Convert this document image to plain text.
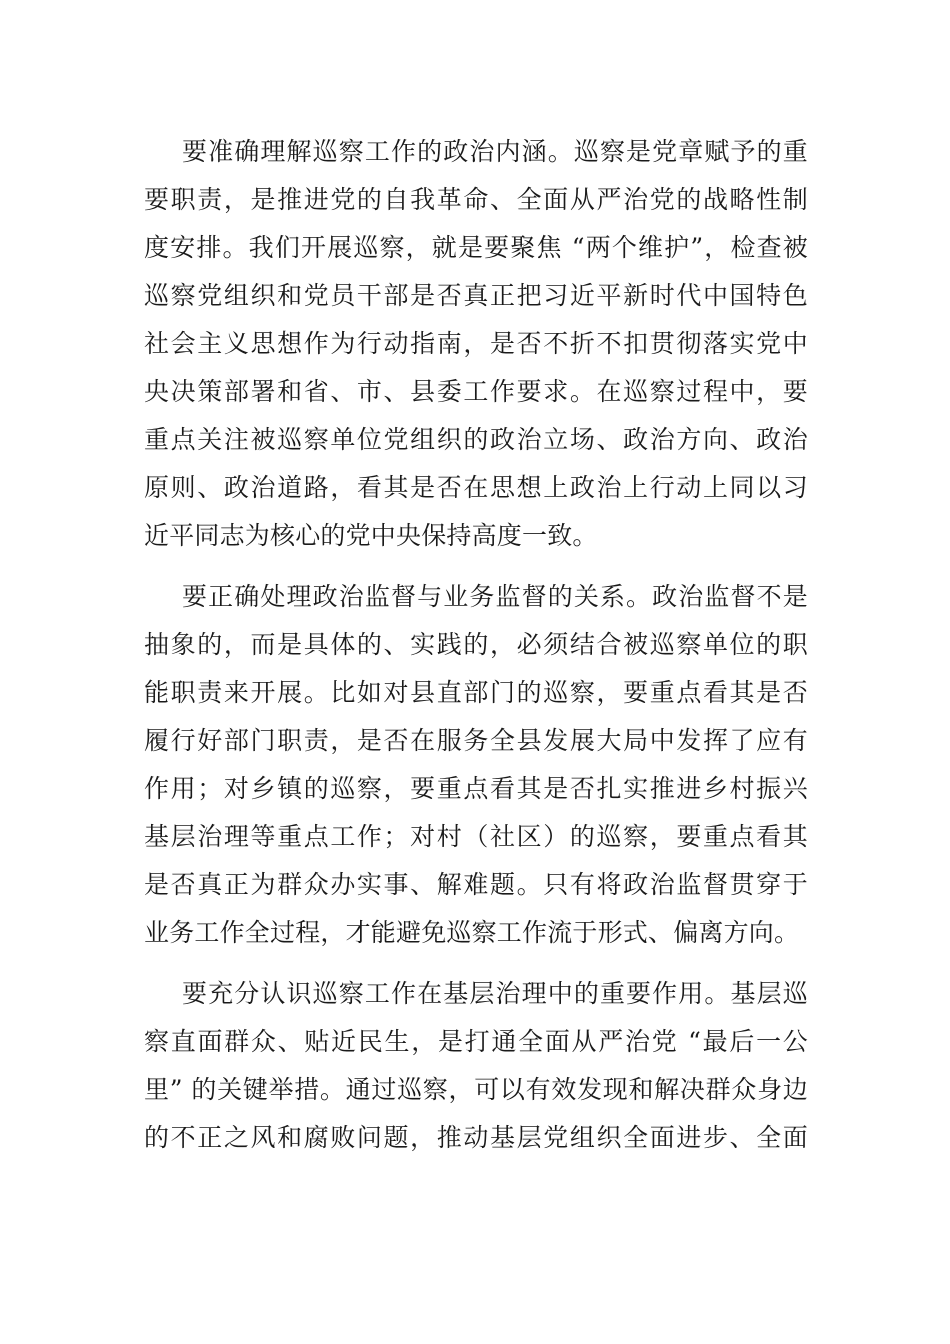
要准确理解巡察工作的政治内涵。巡察是党章赋予的重
要职责，是推进党的自我革命、全面从严治党的战略性制
度安排。我们开展巡察，就是要聚焦 “两个维护”，检查被
巡察党组织和党员干部是否真正把习近平新时代中国特色
社会主义思想作为行动指南，是否不折不扣贯彻落实党中
央决策部署和省、市、县委工作要求。在巡察过程中，要
重点关注被巡察单位党组织的政治立场、政治方向、政治
原则、政治道路，看其是否在思想上政治上行动上同以习
近平同志为核心的党中央保持高度一致。
要正确处理政治监督与业务监督的关系。政治监督不是
抽象的，而是具体的、实践的，必须结合被巡察单位的职
能职责来开展。比如对县直部门的巡察，要重点看其是否
履行好部门职责，是否在服务全县发展大局中发挥了应有
作用；对乡镇的巡察，要重点看其是否扎实推进乡村振兴
基层治理等重点工作；对村（社区）的巡察，要重点看其
是否真正为群众办实事、解难题。只有将政治监督贯穿于
业务工作全过程，才能避免巡察工作流于形式、偏离方向。
要充分认识巡察工作在基层治理中的重要作用。基层巡
察直面群众、贴近民生，是打通全面从严治党 “最后一公
里” 的关键举措。通过巡察，可以有效发现和解决群众身边
的不正之风和腐败问题，推动基层党组织全面进步、全面
